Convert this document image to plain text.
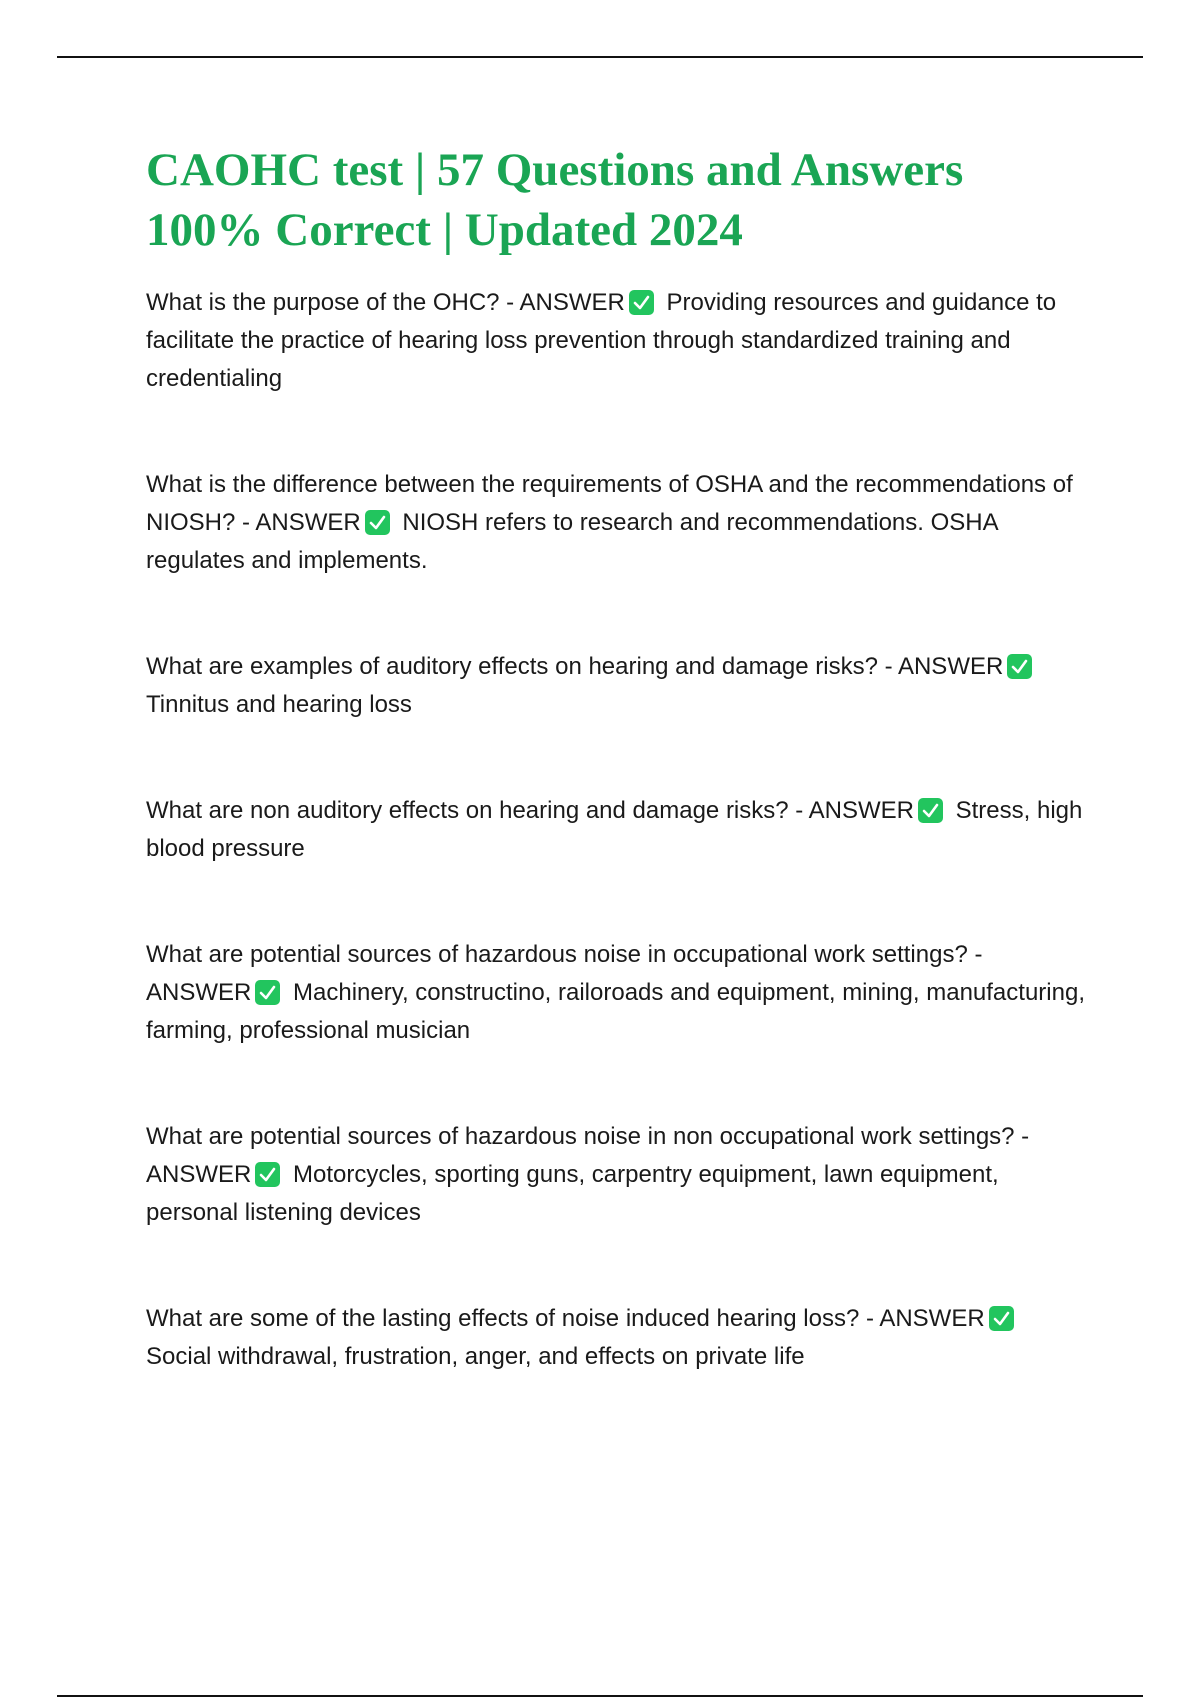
CAOHC test | 57 Questions and Answers 100% Correct | Updated 2024

What is the purpose of the OHC? - ANSWER Providing resources and guidance to facilitate the practice of hearing loss prevention through standardized training and credentialing

What is the difference between the requirements of OSHA and the recommendations of NIOSH? - ANSWER NIOSH refers to research and recommendations. OSHA regulates and implements.

What are examples of auditory effects on hearing and damage risks? - ANSWER
Tinnitus and hearing loss

What are non auditory effects on hearing and damage risks? - ANSWER Stress, high blood pressure

What are potential sources of hazardous noise in occupational work settings? - ANSWER Machinery, constructino, railoroads and equipment, mining, manufacturing, farming, professional musician

What are potential sources of hazardous noise in non occupational work settings? - ANSWER Motorcycles, sporting guns, carpentry equipment, lawn equipment, personal listening devices

What are some of the lasting effects of noise induced hearing loss? - ANSWER
Social withdrawal, frustration, anger, and effects on private life
